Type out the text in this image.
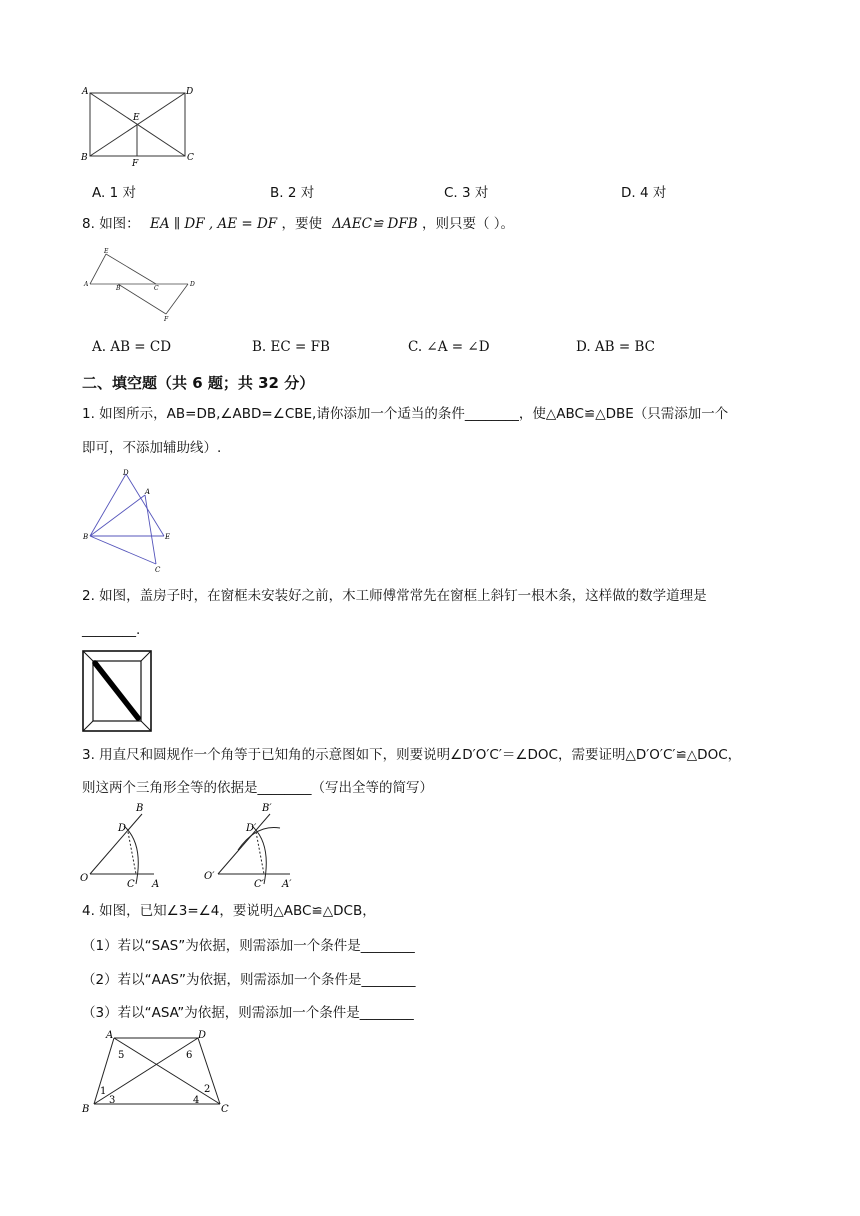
A	D
E
B
F
C
A. 1 对	B. 2 对	C. 3 对	D. 4 对
8. 如图： EA ∥ DF , AE = DF ，要使 ΔAEC≌ DFB ，则只要（ ）。
E
A
B	C
D
F
A. AB = CD	B. EC = FB	C. ∠A = ∠D	D. AB = BC
二、填空题（共 6 题；共 32 分）
1. 如图所示，AB=DB,∠ABD=∠CBE,请你添加一个适当的条件________，使△ABC≌△DBE（只需添加一个
即可，不添加辅助线）.
D
A
B	E
C
2. 如图，盖房子时，在窗框未安装好之前，木工师傅常常先在窗框上斜钉一根木条，这样做的数学道理是
________.
3. 用直尺和圆规作一个角等于已知角的示意图如下，则要说明∠D′O′C′＝∠DOC，需要证明△D′O′C′≌△DOC，
则这两个三角形全等的依据是________（写出全等的简写）
B
D
O
C A
B′
D′
O′
C′ A′
4. 如图，已知∠3=∠4，要说明△ABC≌△DCB，
（1）若以“SAS”为依据，则需添加一个条件是________
（2）若以“AAS”为依据，则需添加一个条件是________
（3）若以“ASA”为依据，则需添加一个条件是________
A	D
B	C
5	6
1
3
2
4
